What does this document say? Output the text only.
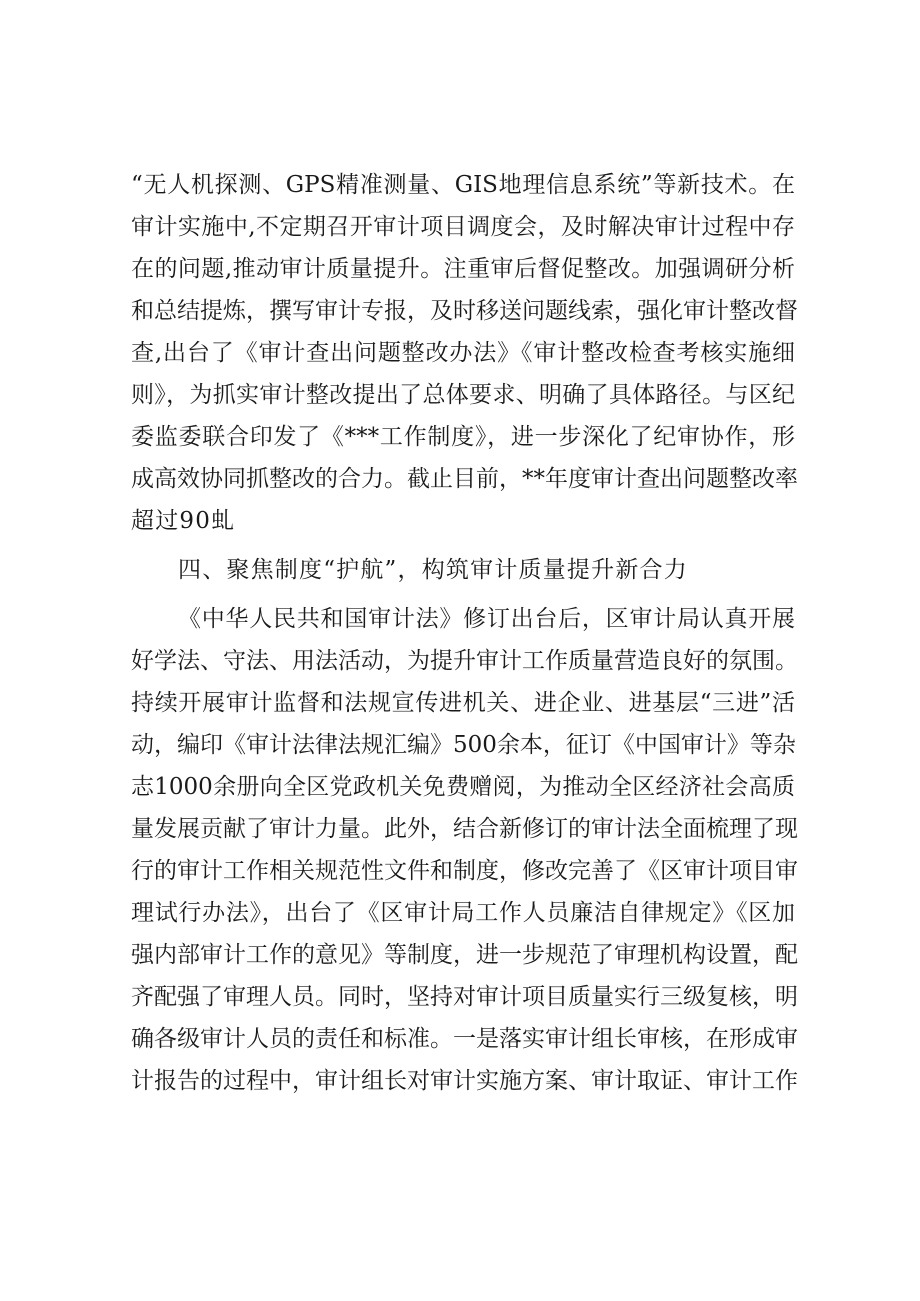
“无人机探测、GPS精准测量、GIS地理信息系统”等新技术。在
审计实施中,不定期召开审计项目调度会，及时解决审计过程中存
在的问题,推动审计质量提升。注重审后督促整改。加强调研分析
和总结提炼，撰写审计专报，及时移送问题线索，强化审计整改督
查,出台了《审计查出问题整改办法》《审计整改检查考核实施细
则》，为抓实审计整改提出了总体要求、明确了具体路径。与区纪
委监委联合印发了《***工作制度》，进一步深化了纪审协作，形
成高效协同抓整改的合力。截止目前，**年度审计查出问题整改率
超过90虬
四、聚焦制度“护航”，构筑审计质量提升新合力
《中华人民共和国审计法》修订出台后，区审计局认真开展
好学法、守法、用法活动，为提升审计工作质量营造良好的氛围。
持续开展审计监督和法规宣传进机关、进企业、进基层“三进”活
动，编印《审计法律法规汇编》500余本，征订《中国审计》等杂
志1000余册向全区党政机关免费赠阅，为推动全区经济社会高质
量发展贡献了审计力量。此外，结合新修订的审计法全面梳理了现
行的审计工作相关规范性文件和制度，修改完善了《区审计项目审
理试行办法》，出台了《区审计局工作人员廉洁自律规定》《区加
强内部审计工作的意见》等制度，进一步规范了审理机构设置，配
齐配强了审理人员。同时，坚持对审计项目质量实行三级复核，明
确各级审计人员的责任和标准。一是落实审计组长审核，在形成审
计报告的过程中，审计组长对审计实施方案、审计取证、审计工作
